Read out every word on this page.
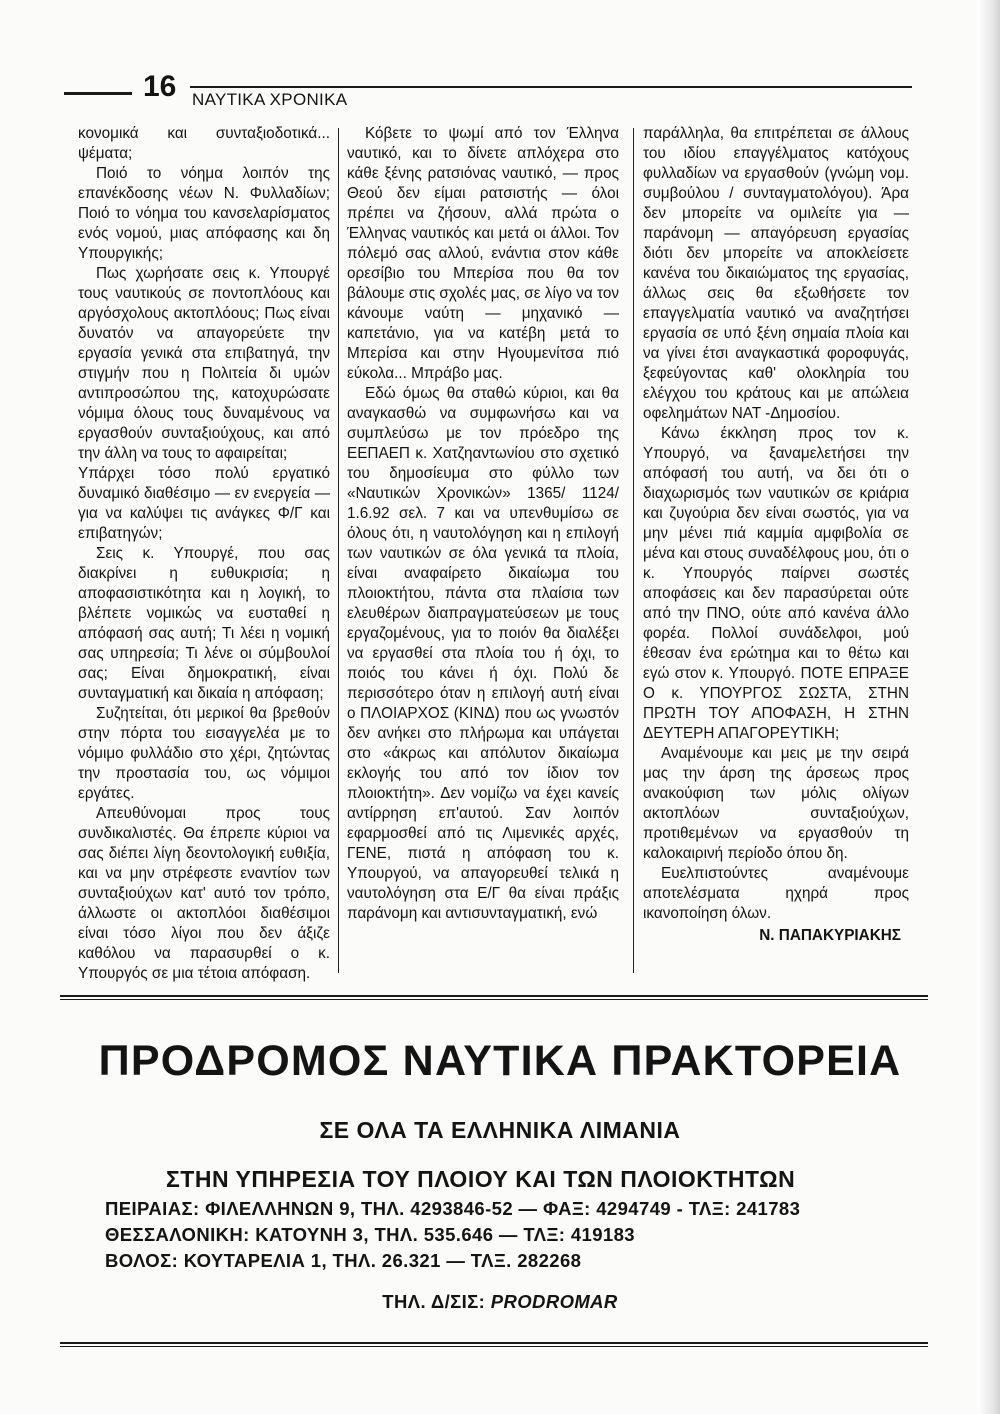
16 ΝΑΥΤΙΚΑ ΧΡΟΝΙΚΑ

κονομικά και συνταξιοδοτικά... ψέματα;

Ποιό το νόημα λοιπόν της επανέκδοσης νέων Ν. Φυλλαδίων; Ποιό το νόημα του κανσελαρίσματος ενός νομού, μιας απόφασης και δη Υπουργικής;

Πως χωρήσατε σεις κ. Υπουργέ τους ναυτικούς σε ποντοπλόους και αργόσχολους ακτοπλόους; Πως είναι δυνατόν να απαγορεύετε την εργασία γενικά στα επιβατηγά, την στιγμήν που η Πολιτεία δι υμών αντιπροσώπου της, κατοχυρώσατε νόμιμα όλους τους δυναμένους να εργασθούν συνταξιούχους, και από την άλλη να τους το αφαιρείται;

Υπάρχει τόσο πολύ εργατικό δυναμικό διαθέσιμο — εν ενεργεία — για να καλύψει τις ανάγκες Φ/Γ και επιβατηγών;

Σεις κ. Υπουργέ, που σας διακρίνει η ευθυκρισία; η αποφασιστικότητα και η λογική, το βλέπετε νομικώς να ευσταθεί η απόφασή σας αυτή; Τι λέει η νομική σας υπηρεσία; Τι λένε οι σύμβουλοί σας; Είναι δημοκρατική, είναι συνταγματική και δικαία η απόφαση;

Συζητείται, ότι μερικοί θα βρεθούν στην πόρτα του εισαγγελέα με το νόμιμο φυλλάδιο στο χέρι, ζητώντας την προστασία του, ως νόμιμοι εργάτες.

Απευθύνομαι προς τους συνδικαλιστές. Θα έπρεπε κύριοι να σας διέπει λίγη δεοντολογική ευθιξία, και να μην στρέφεστε εναντίον των συνταξιούχων κατ' αυτό τον τρόπο, άλλωστε οι ακτοπλόοι διαθέσιμοι είναι τόσο λίγοι που δεν άξιζε καθόλου να παρασυρθεί ο κ. Υπουργός σε μια τέτοια απόφαση.

Κόβετε το ψωμί από τον Έλληνα ναυτικό, και το δίνετε απλόχερα στο κάθε ξένης ρατσιόνας ναυτικό, — προς Θεού δεν είμαι ρατσιστής — όλοι πρέπει να ζήσουν, αλλά πρώτα ο Έλληνας ναυτικός και μετά οι άλλοι. Τον πόλεμό σας αλλού, ενάντια στον κάθε ορεσίβιο του Μπερίσα που θα τον βάλουμε στις σχολές μας, σε λίγο να τον κάνουμε ναύτη — μηχανικό — καπετάνιο, για να κατέβη μετά το Μπερίσα και στην Ηγουμενίτσα πιό εύκολα... Μπράβο μας.

Εδώ όμως θα σταθώ κύριοι, και θα αναγκασθώ να συμφωνήσω και να συμπλεύσω με τον πρόεδρο της ΕΕΠΑΕΠ κ. Χατζηαντωνίου στο σχετικό του δημοσίευμα στο φύλλο των «Ναυτικών Χρονικών» 1365/ 1124/ 1.6.92 σελ. 7 και να υπενθυμίσω σε όλους ότι, η ναυτολόγηση και η επιλογή των ναυτικών σε όλα γενικά τα πλοία, είναι αναφαίρετο δικαίωμα του πλοιοκτήτου, πάντα στα πλαίσια των ελευθέρων διαπραγματεύσεων με τους εργαζομένους, για το ποιόν θα διαλέξει να εργασθεί στα πλοία του ή όχι, το ποιός του κάνει ή όχι. Πολύ δε περισσότερο όταν η επιλογή αυτή είναι ο ΠΛΟΙΑΡΧΟΣ (ΚΙΝΔ) που ως γνωστόν δεν ανήκει στο πλήρωμα και υπάγεται στο «άκρως και απόλυτον δικαίωμα εκλογής του από τον ίδιον τον πλοιοκτήτη». Δεν νομίζω να έχει κανείς αντίρρηση επ'αυτού. Σαν λοιπόν εφαρμοσθεί από τις Λιμενικές αρχές, ΓΕΝΕ, πιστά η απόφαση του κ. Υπουργού, να απαγορευθεί τελικά η ναυτολόγηση στα Ε/Γ θα είναι πράξις παράνομη και αντισυνταγματική, ενώ

παράλληλα, θα επιτρέπεται σε άλλους του ιδίου επαγγέλματος κατόχους φυλλαδίων να εργασθούν (γνώμη νομ. συμβούλου / συνταγματολόγου). Άρα δεν μπορείτε να ομιλείτε για — παράνομη — απαγόρευση εργασίας διότι δεν μπορείτε να αποκλείσετε κανένα του δικαιώματος της εργασίας, άλλως σεις θα εξωθήσετε τον επαγγελματία ναυτικό να αναζητήσει εργασία σε υπό ξένη σημαία πλοία και να γίνει έτσι αναγκαστικά φοροφυγάς, ξεφεύγοντας καθ' ολοκληρία του ελέγχου του κράτους και με απώλεια οφελημάτων ΝΑΤ -Δημοσίου.

Κάνω έκκληση προς τον κ. Υπουργό, να ξαναμελετήσει την απόφασή του αυτή, να δει ότι ο διαχωρισμός των ναυτικών σε κριάρια και ζυγούρια δεν είναι σωστός, για να μην μένει πιά καμμία αμφιβολία σε μένα και στους συναδέλφους μου, ότι ο κ. Υπουργός παίρνει σωστές αποφάσεις και δεν παρασύρεται ούτε από την ΠΝΟ, ούτε από κανένα άλλο φορέα. Πολλοί συνάδελφοι, μού έθεσαν ένα ερώτημα και το θέτω και εγώ στον κ. Υπουργό. ΠΟΤΕ ΕΠΡΑΞΕ Ο κ. ΥΠΟΥΡΓΟΣ ΣΩΣΤΑ, ΣΤΗΝ ΠΡΩΤΗ ΤΟΥ ΑΠΟΦΑΣΗ, Η ΣΤΗΝ ΔΕΥΤΕΡΗ ΑΠΑΓΟΡΕΥΤΙΚΗ;

Αναμένουμε και μεις με την σειρά μας την άρση της άρσεως προς ανακούφιση των μόλις ολίγων ακτοπλόων συνταξιούχων, προτιθεμένων να εργασθούν τη καλοκαιρινή περίοδο όπου δη.

Ευελπιστούντες αναμένουμε αποτελέσματα ηχηρά προς ικανοποίηση όλων.

Ν. ΠΑΠΑΚΥΡΙΑΚΗΣ

ΠΡΟΔΡΟΜΟΣ ΝΑΥΤΙΚΑ ΠΡΑΚΤΟΡΕΙΑ
ΣΕ ΟΛΑ ΤΑ ΕΛΛΗΝΙΚΑ ΛΙΜΑΝΙΑ
ΣΤΗΝ ΥΠΗΡΕΣΙΑ ΤΟΥ ΠΛΟΙΟΥ ΚΑΙ ΤΩΝ ΠΛΟΙΟΚΤΗΤΩΝ
ΠΕΙΡΑΙΑΣ: ΦΙΛΕΛΛΗΝΩΝ 9, ΤΗΛ. 4293846-52 — ΦΑΞ: 4294749 - ΤΛΞ: 241783
ΘΕΣΣΑΛΟΝΙΚΗ: ΚΑΤΟΥΝΗ 3, ΤΗΛ. 535.646 — ΤΛΞ: 419183
ΒΟΛΟΣ: ΚΟΥΤΑΡΕΛΙΑ 1, ΤΗΛ. 26.321 — ΤΛΞ. 282268
ΤΗΛ. Δ/ΣΙΣ: PRODROMAR
